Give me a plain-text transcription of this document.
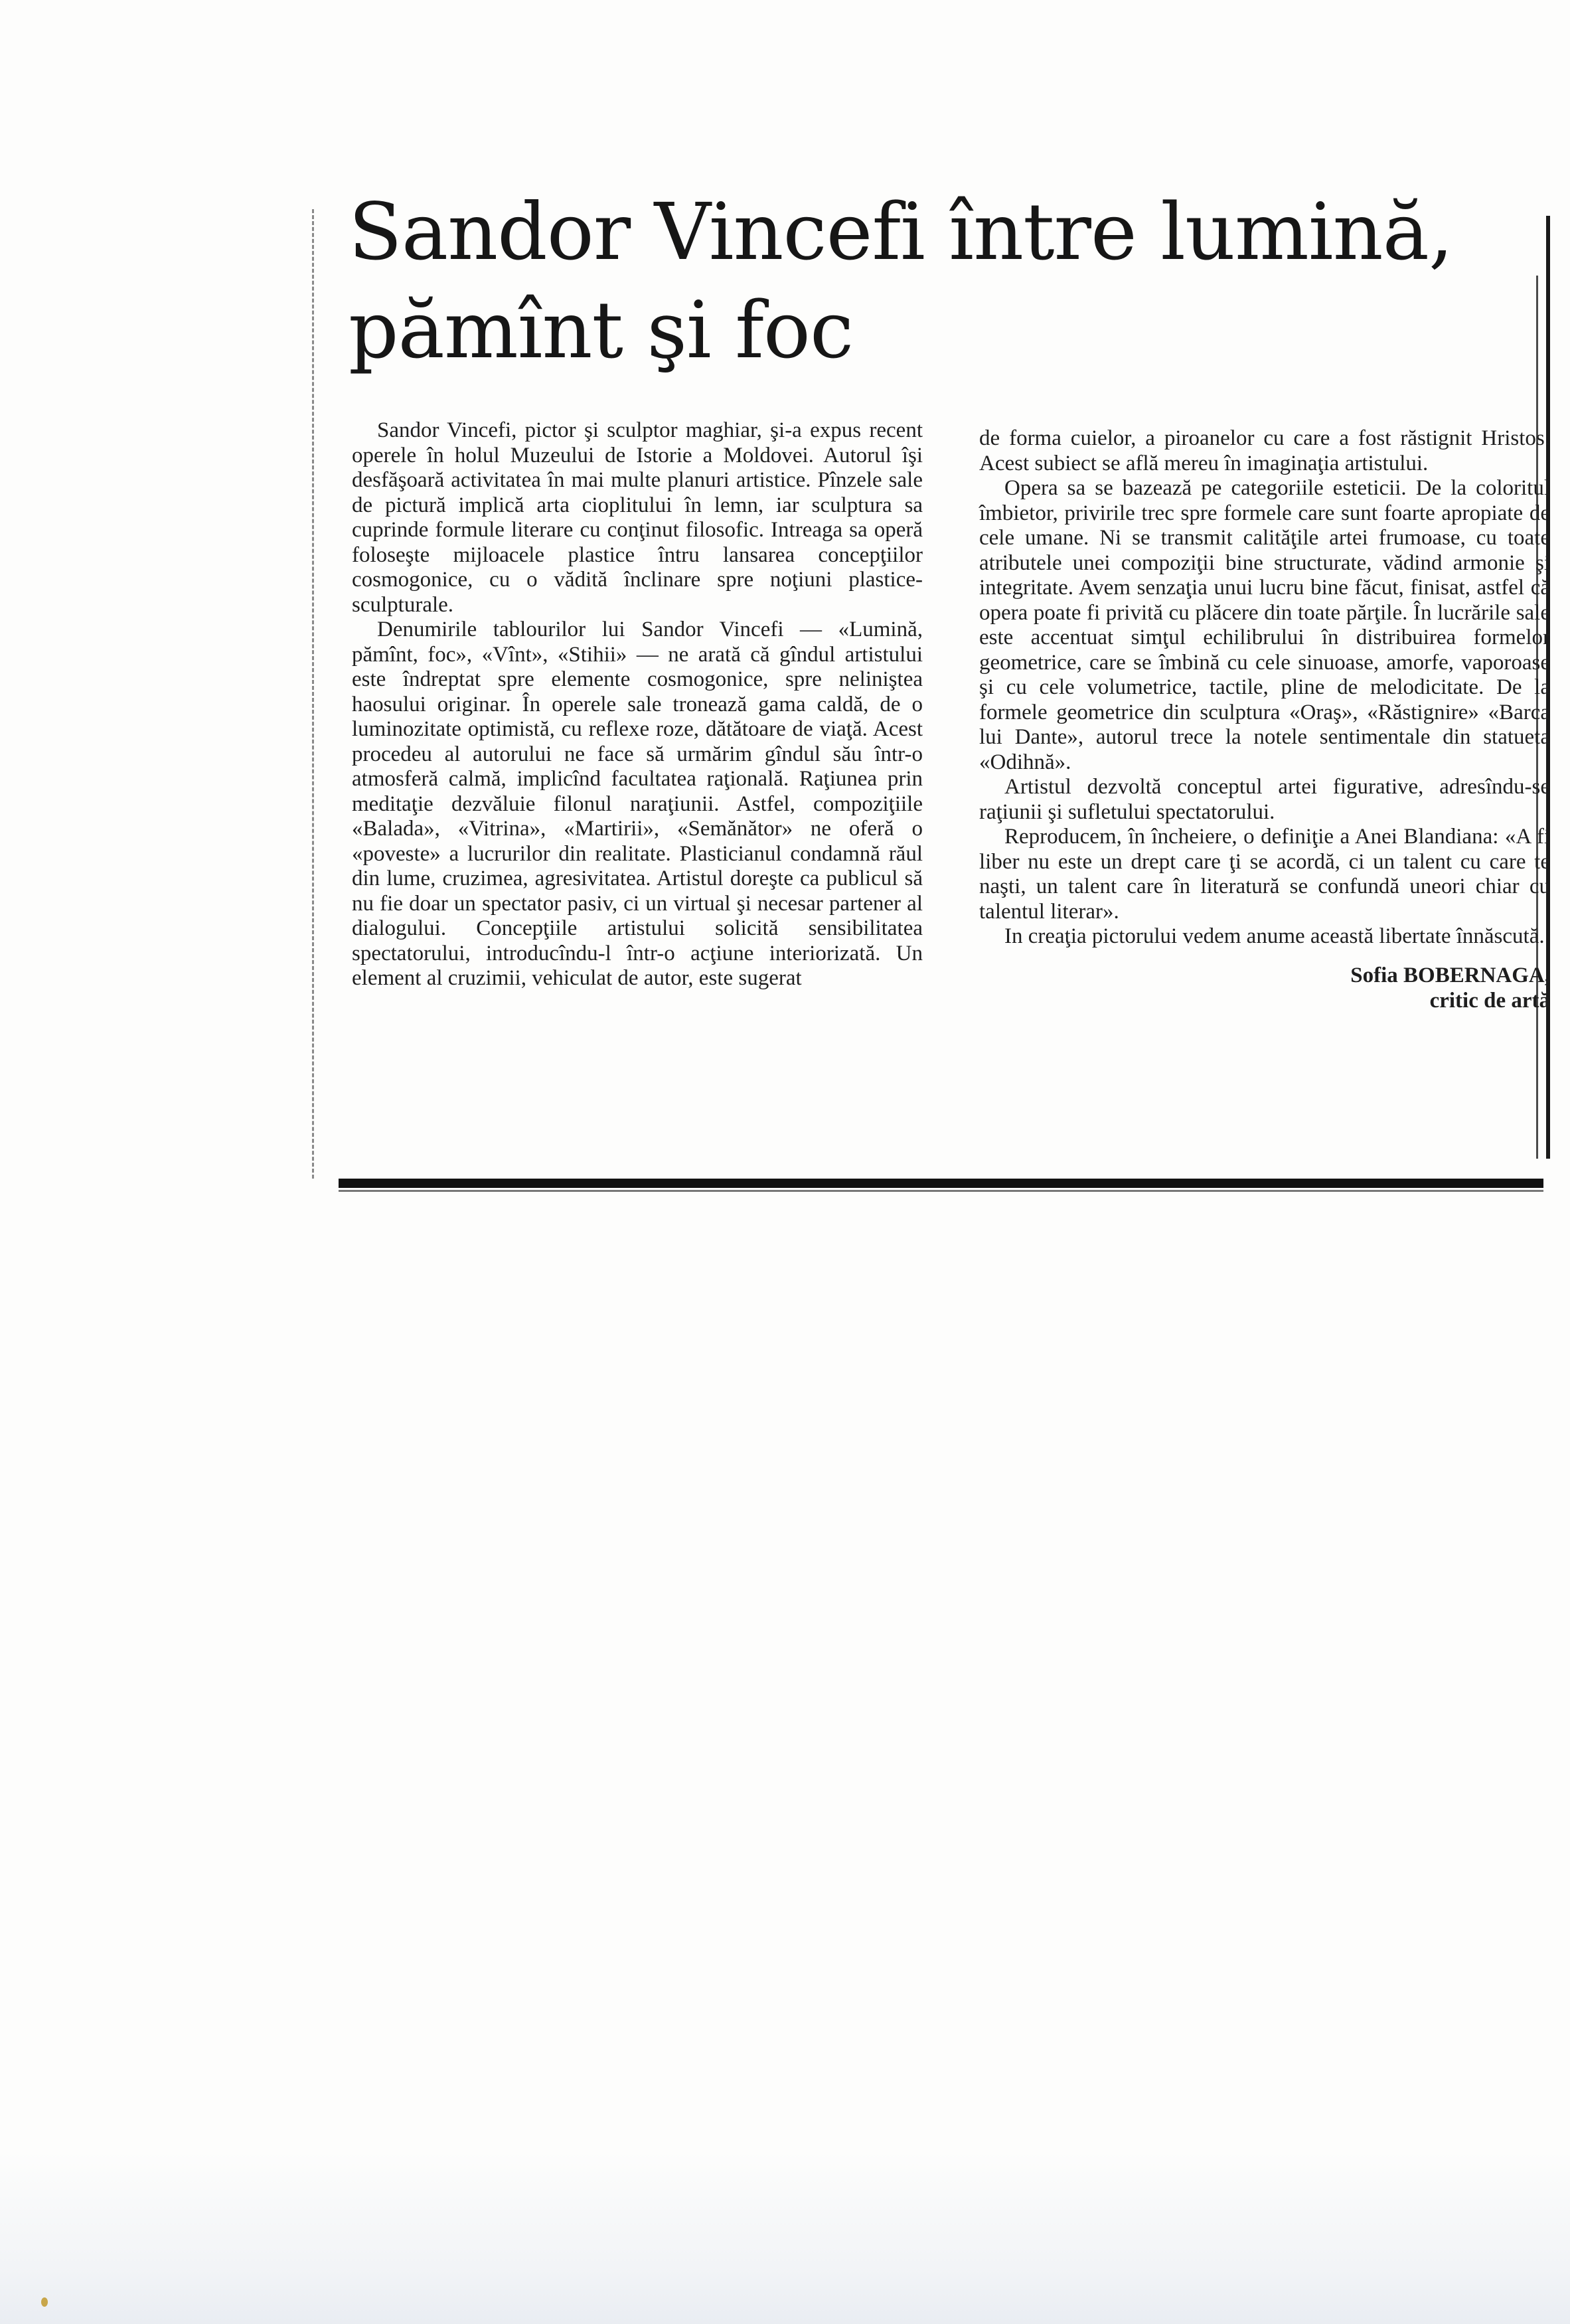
Sandor Vincefi între lumină, pămînt şi foc

Sandor Vincefi, pictor şi sculptor maghiar, şi-a expus recent operele în holul Muzeului de Istorie a Moldovei. Autorul îşi desfăşoară activitatea în mai multe planuri artistice. Pînzele sale de pictură implică arta cioplitului în lemn, iar sculptura sa cuprinde formule literare cu conţinut filosofic. Intreaga sa operă foloseşte mijloacele plastice întru lansarea concepţiilor cosmogonice, cu o vădită înclinare spre noţiuni plastice-sculpturale.

Denumirile tablourilor lui Sandor Vincefi — «Lumină, pămînt, foc», «Vînt», «Stihii» — ne arată că gîndul artistului este îndreptat spre elemente cosmogonice, spre neliniştea haosului originar. În operele sale tronează gama caldă, de o luminozitate optimistă, cu reflexe roze, dătătoare de viaţă. Acest procedeu al autorului ne face să urmărim gîndul său într-o atmosferă calmă, implicînd facultatea raţională. Raţiunea prin meditaţie dezvăluie filonul naraţiunii. Astfel, compoziţiile «Balada», «Vitrina», «Martirii», «Semănător» ne oferă o «poveste» a lucrurilor din realitate. Plasticianul condamnă răul din lume, cruzimea, agresivitatea. Artistul doreşte ca publicul să nu fie doar un spectator pasiv, ci un virtual şi necesar partener al dialogului. Concepţiile artistului solicită sensibilitatea spectatorului, introducîndu-l într-o acţiune interiorizată. Un element al cruzimii, vehiculat de autor, este sugerat

de forma cuielor, a piroanelor cu care a fost răstignit Hristos. Acest subiect se află mereu în imaginaţia artistului.

Opera sa se bazează pe categoriile esteticii. De la coloritul îmbietor, privirile trec spre formele care sunt foarte apropiate de cele umane. Ni se transmit calităţile artei frumoase, cu toate atributele unei compoziţii bine structurate, vădind armonie şi integritate. Avem senzaţia unui lucru bine făcut, finisat, astfel că opera poate fi privită cu plăcere din toate părţile. În lucrările sale este accentuat simţul echilibrului în distribuirea formelor geometrice, care se îmbină cu cele sinuoase, amorfe, vaporoase şi cu cele volumetrice, tactile, pline de melodicitate. De la formele geometrice din sculptura «Oraş», «Răstignire» «Barca lui Dante», autorul trece la notele sentimentale din statueta «Odihnă».

Artistul dezvoltă conceptul artei figurative, adresîndu-se raţiunii şi sufletului spectatorului.

Reproducem, în încheiere, o definiţie a Anei Blandiana: «A fi liber nu este un drept care ţi se acordă, ci un talent cu care te naşti, un talent care în literatură se confundă uneori chiar cu talentul literar».

In creaţia pictorului vedem anume această libertate înnăscută.

Sofia BOBERNAGA,
critic de artă
